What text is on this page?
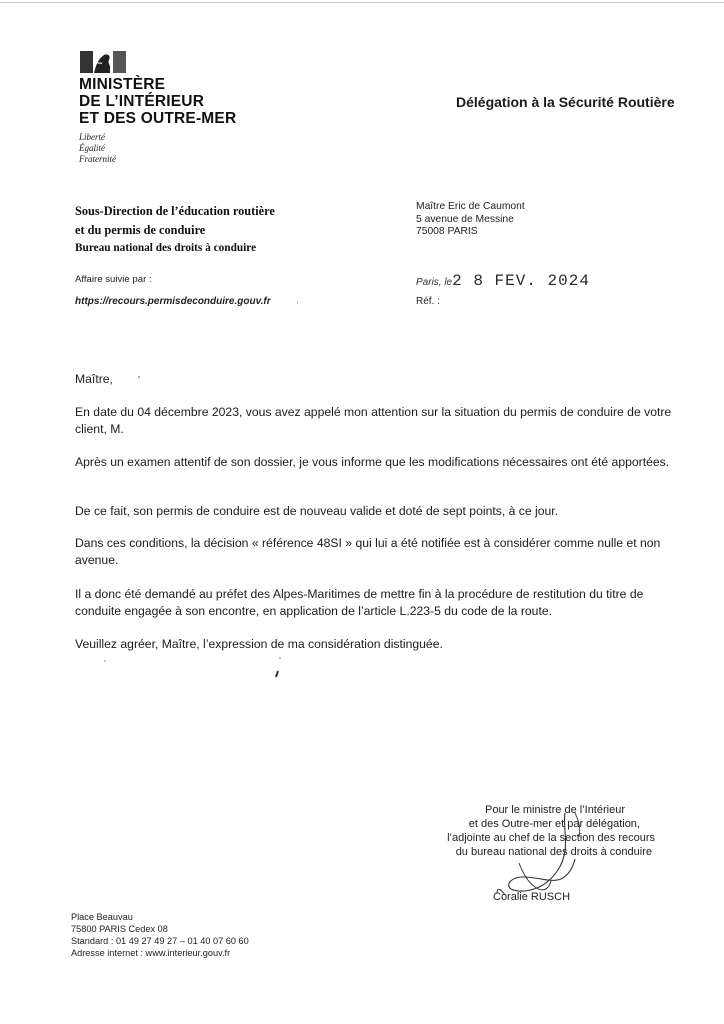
MINISTÈRE
DE L’INTÉRIEUR
ET DES OUTRE-MER
Liberté
Égalité
Fraternité
Délégation à la Sécurité Routière
Sous-Direction de l’éducation routière
et du permis de conduire
Bureau national des droits à conduire
Maître Eric de Caumont
5 avenue de Messine
75008 PARIS
Affaire suivie par :
https://recours.permisdeconduire.gouv.fr	·
Paris, le2 8 FEV. 2024
Réf. :
Maître,         '
En date du 04 décembre 2023, vous avez appelé mon attention sur la situation du permis de conduire de votre client, M.
Après un examen attentif de son dossier, je vous informe que les modifications nécessaires ont été apportées.
De ce fait, son permis de conduire est de nouveau valide et doté de sept points, à ce jour.
Dans ces conditions, la décision « référence 48SI » qui lui a été notifiée est à considérer comme nulle et non avenue.
Il a donc été demandé au préfet des Alpes-Maritimes de mettre fin à la procédure de restitution du titre de conduite engagée à son encontre, en application de l’article L.223-5 du code de la route.
Veuillez agréer, Maître, l’expression de ma considération distinguée.
Pour le ministre de l’Intérieur
et des Outre-mer et par délégation,
l’adjointe au chef de la section des recours
du bureau national des droits à conduire
Coralie RUSCH
Place Beauvau
75800 PARIS Cedex 08
Standard : 01 49 27 49 27 – 01 40 07 60 60
Adresse internet : www.interieur.gouv.fr
